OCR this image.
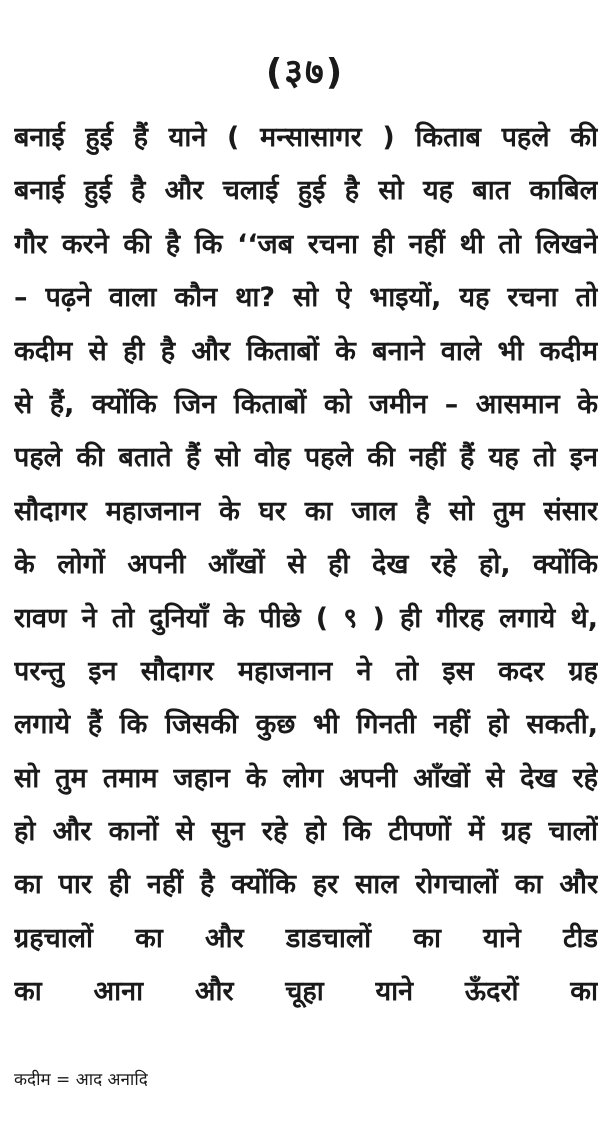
(३७)
बनाई हुई हैं याने ( मन्सासागर ) किताब पहले की
बनाई हुई है और चलाई हुई है सो यह बात काबिल
गौर करने की है कि ‘‘जब रचना ही नहीं थी तो लिखने
– पढ़ने वाला कौन था? सो ऐ भाइयों, यह रचना तो
कदीम से ही है और किताबों के बनाने वाले भी कदीम
से हैं, क्योंकि जिन किताबों को जमीन – आसमान के
पहले की बताते हैं सो वोह पहले की नहीं हैं यह तो इन
सौदागर महाजनान के घर का जाल है सो तुम संसार
के लोगों अपनी आँखों से ही देख रहे हो, क्योंकि
रावण ने तो दुनियाँ के पीछे ( ९ ) ही गीरह लगाये थे,
परन्तु इन सौदागर महाजनान ने तो इस कदर ग्रह
लगाये हैं कि जिसकी कुछ भी गिनती नहीं हो सकती,
सो तुम तमाम जहान के लोग अपनी आँखों से देख रहे
हो और कानों से सुन रहे हो कि टीपणों में ग्रह चालों
का पार ही नहीं है क्योंकि हर साल रोगचालों का और
ग्रहचालों का और डाडचालों का याने टीड
का आना और चूहा याने ऊँदरों का
कदीम = आद अनादि
